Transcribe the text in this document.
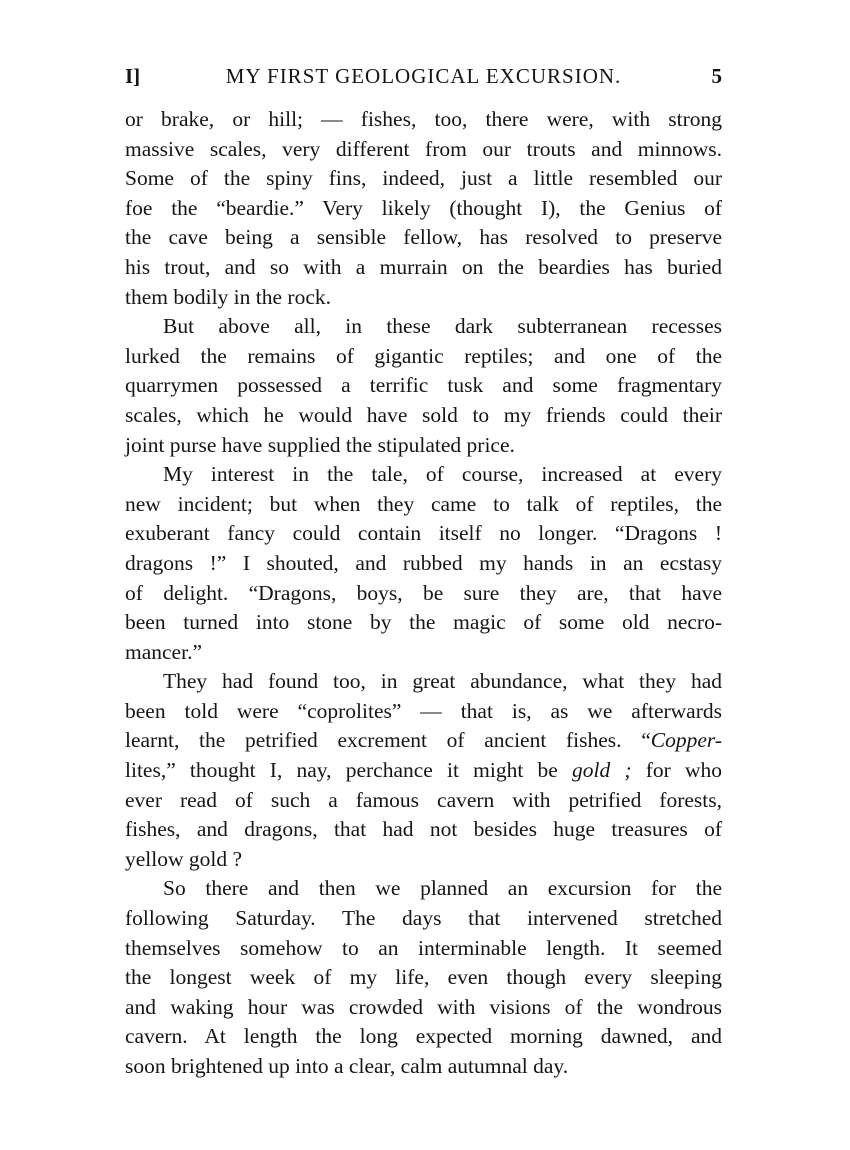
I]	MY FIRST GEOLOGICAL EXCURSION.	5
or brake, or hill; — fishes, too, there were, with strong
massive scales, very different from our trouts and minnows.
Some of the spiny fins, indeed, just a little resembled our
foe the “beardie.” Very likely (thought I), the Genius of
the cave being a sensible fellow, has resolved to preserve
his trout, and so with a murrain on the beardies has buried
them bodily in the rock.
But above all, in these dark subterranean recesses
lurked the remains of gigantic reptiles; and one of the
quarrymen possessed a terrific tusk and some fragmentary
scales, which he would have sold to my friends could their
joint purse have supplied the stipulated price.
My interest in the tale, of course, increased at every
new incident; but when they came to talk of reptiles, the
exuberant fancy could contain itself no longer. “Dragons !
dragons !” I shouted, and rubbed my hands in an ecstasy
of delight. “Dragons, boys, be sure they are, that have
been turned into stone by the magic of some old necro-
mancer.”
They had found too, in great abundance, what they had
been told were “coprolites” — that is, as we afterwards
learnt, the petrified excrement of ancient fishes. “Copper-
lites,” thought I, nay, perchance it might be gold ; for who
ever read of such a famous cavern with petrified forests,
fishes, and dragons, that had not besides huge treasures of
yellow gold ?
So there and then we planned an excursion for the
following Saturday. The days that intervened stretched
themselves somehow to an interminable length. It seemed
the longest week of my life, even though every sleeping
and waking hour was crowded with visions of the wondrous
cavern. At length the long expected morning dawned, and
soon brightened up into a clear, calm autumnal day.
